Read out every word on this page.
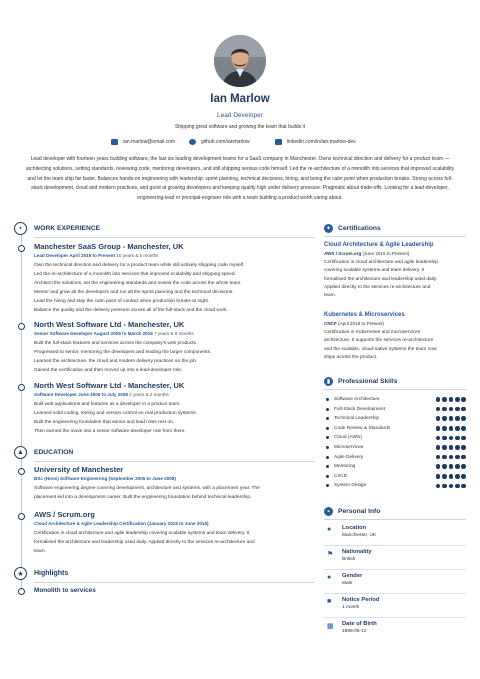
Ian Marlow
Lead Developer
Shipping great software and growing the team that builds it
ian.marlow@email.com	github.com/ianmarlow	linkedin.com/in/ian-marlow-dev
Lead developer with fourteen years building software, the last six leading development teams for a SaaS company in Manchester. Owns technical direction and delivery for a product team — architecting solutions, setting standards, reviewing code, mentoring developers, and still shipping serious code himself. Led the re-architecture of a monolith into services that improved scalability and let the team ship far faster. Balances hands-on engineering with leadership: sprint planning, technical decisions, hiring, and being the calm point when production breaks. Strong across full-stack development, cloud and modern practices, and good at growing developers and keeping quality high under delivery pressure. Pragmatic about trade-offs. Looking for a lead-developer, engineering-lead or principal-engineer role with a team building a product worth caring about.
▪	WORK EXPERIENCE
Manchester SaaS Group - Manchester, UK
Lead Developer April 2016 to Present 10 years & 5 months
Own the technical direction and delivery for a product team while still actively shipping code myself.
Led the re-architecture of a monolith into services that improved scalability and shipping speed.
Architect the solutions, set the engineering standards and review the code across the whole team.
Mentor and grow all the developers and run all the sprint planning and the technical decisions.
Lead the hiring and stay the calm point of contact when production breaks at night.
Balance the quality and the delivery pressure across all of the full-stack and the cloud work.
North West Software Ltd - Manchester, UK
Senior Software Developer August 2008 to March 2016 7 years & 8 months
Built the full-stack features and services across the company's web products.
Progressed to senior, mentoring the developers and leading the larger components.
Learned the architecture, the cloud and modern delivery practices on the job.
Gained the certification and then moved up into a lead-developer role.
North West Software Ltd - Manchester, UK
Software Developer June 2006 to July 2008 2 years & 2 months
Built web applications and features as a developer in a product team.
Learned solid coding, testing and version control on real production systems.
Built the engineering foundation that senior and lead roles rest on.
Then earned the move into a senior software-developer role from there.
▲	EDUCATION
University of Manchester
BSc (Hons) Software Engineering (September 2005 to June 2008)
Software engineering degree covering development, architecture and systems, with a placement year. The
placement led into a development career. Built the engineering foundation behind technical leadership.
AWS / Scrum.org
Cloud Architecture & Agile Leadership Certification (January 2015 to June 2015)
Certification in cloud architecture and agile leadership covering scalable systems and team delivery. It
formalised the architecture and leadership used daily. Applied directly to the services re-architecture and
team.
★	Highlights
Monolith to services
✦ Certifications
Cloud Architecture & Agile Leadership
AWS / Scrum.org (June 2015 to Present)
Certification in cloud architecture and agile leadership
covering scalable systems and team delivery. It
formalised the architecture and leadership used daily.
Applied directly to the services re-architecture and
team.
Kubernetes & Microservices
CNCF (April 2019 to Present)
Certification in Kubernetes and microservices
architecture. It supports the services re-architecture
and the scalable, cloud-native systems the team now
ships across the product.
▮	Professional Skills
Software Architecture
Full-Stack Development
Technical Leadership
Code Review & Standards
Cloud (AWS)
Microservices
Agile Delivery
Mentoring
CI/CD
System Design
▪	Personal Info
● Location
Manchester, UK
⚑ Nationality
British
● Gender
Male
■ Notice Period
1 month
▦ Date of Birth
1988-05-12
